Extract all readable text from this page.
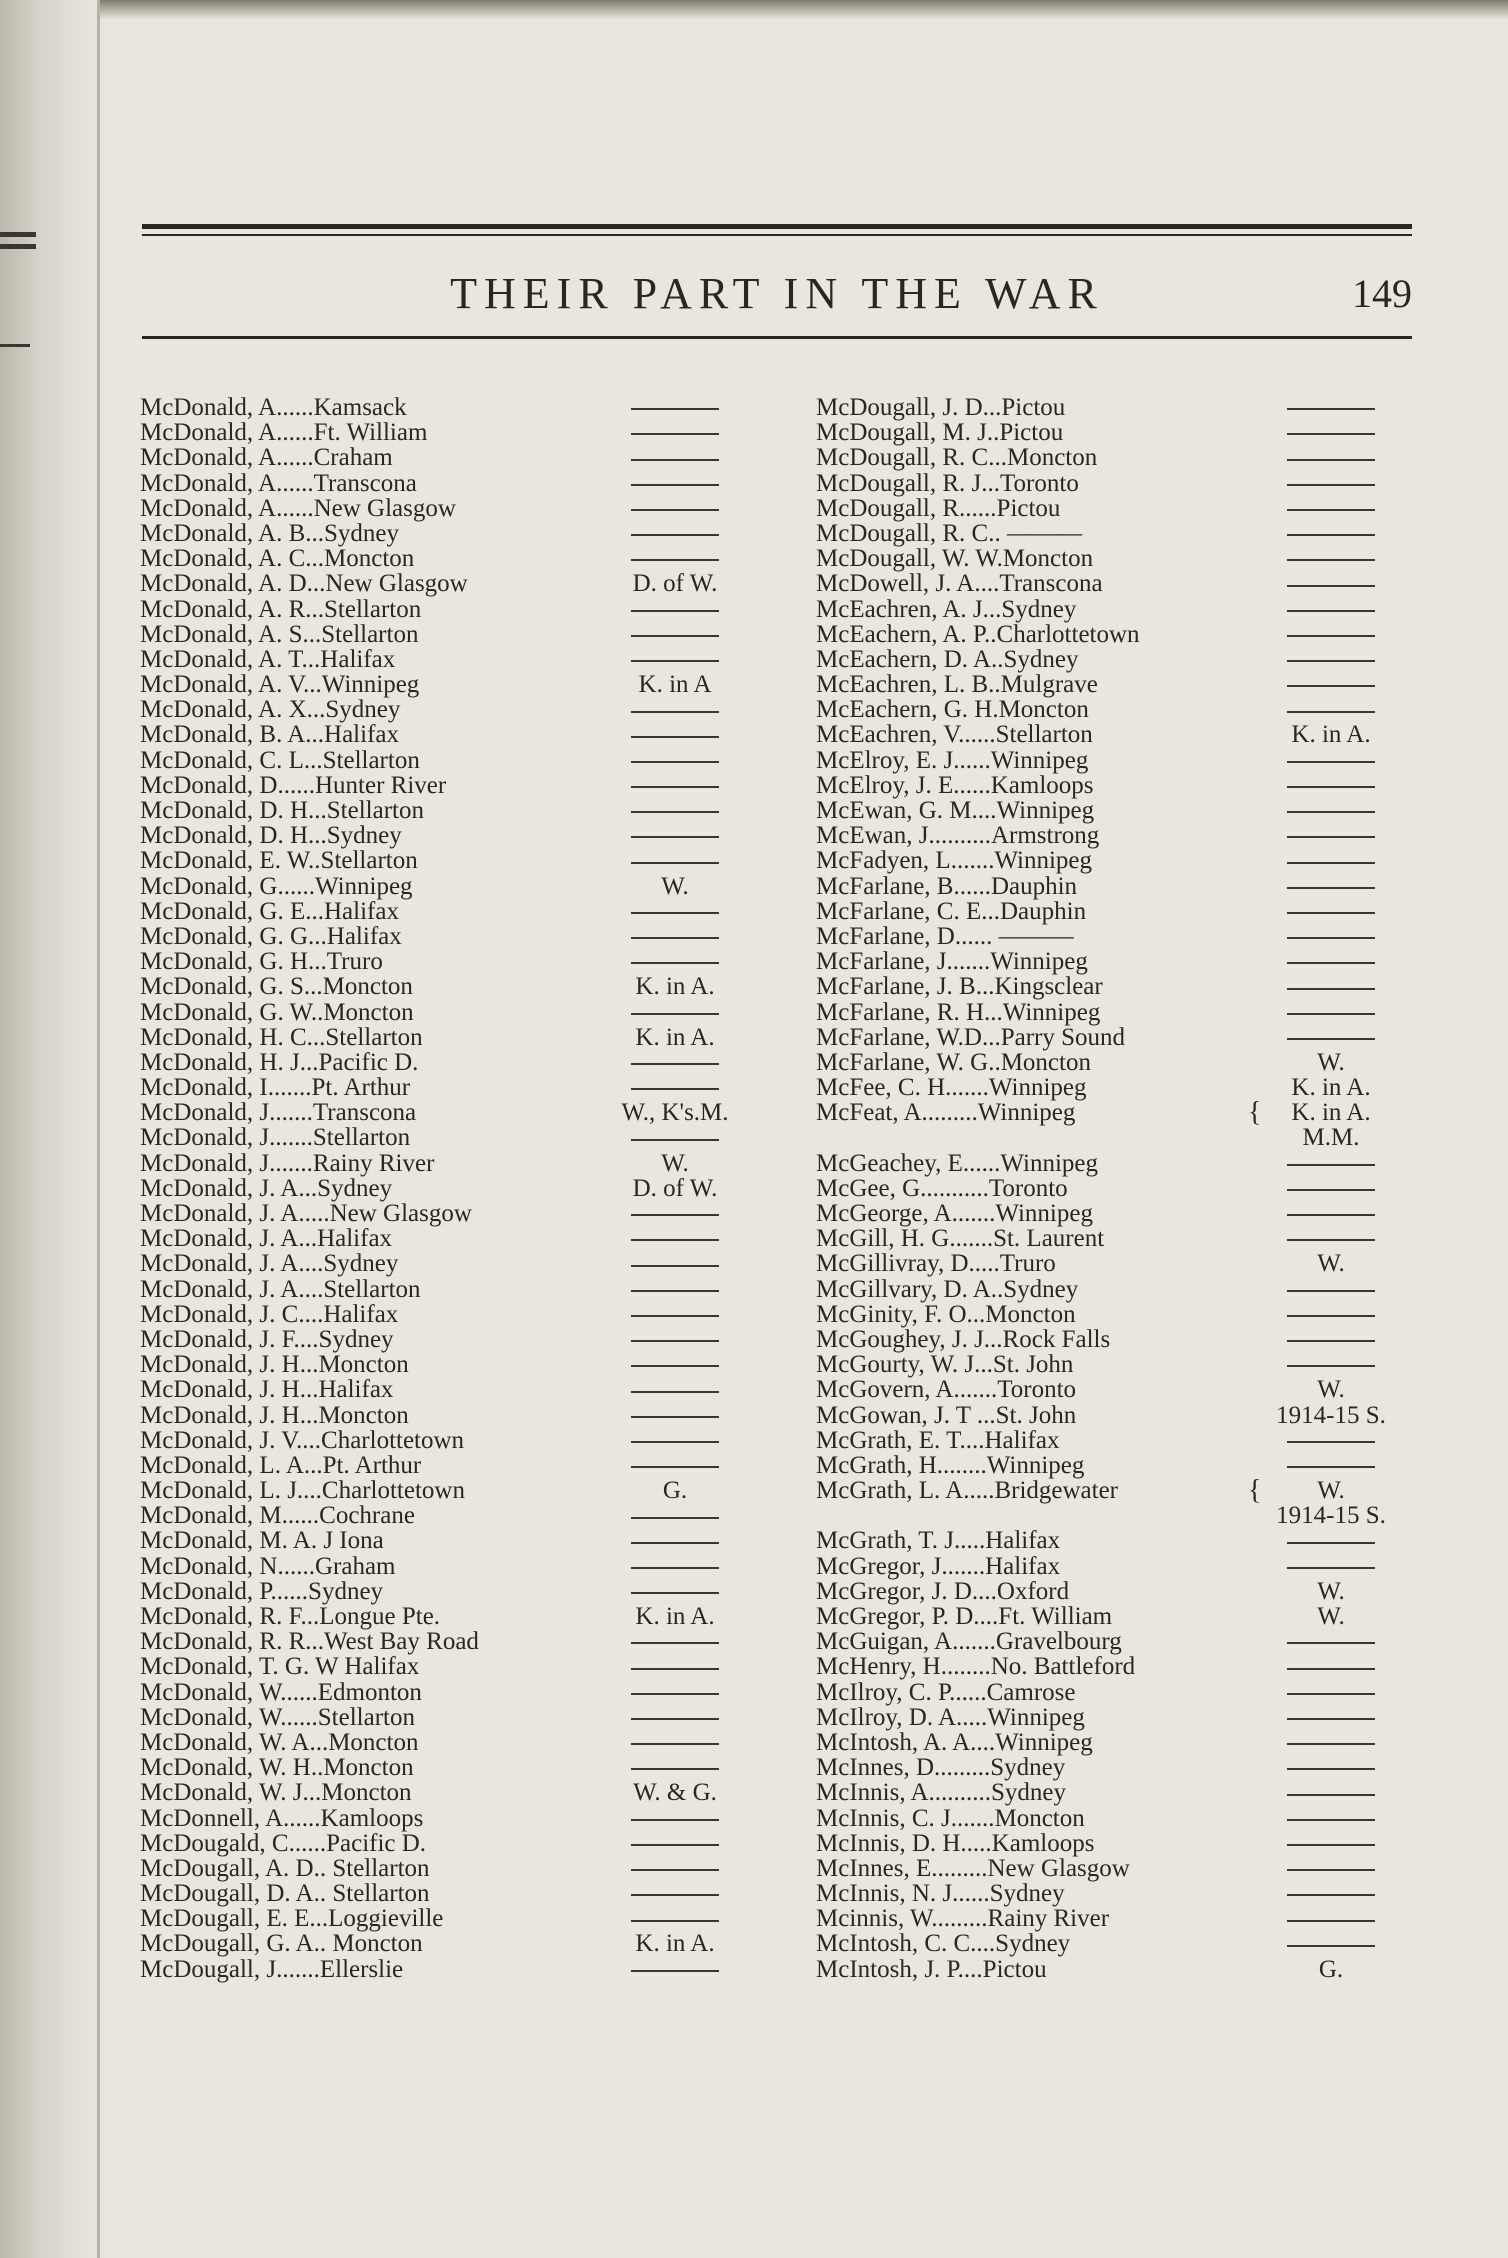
THEIR PART IN THE WAR	149
McDonald, A......Kamsack
McDonald, A......Ft. William
McDonald, A......Craham
McDonald, A......Transcona
McDonald, A......New Glasgow
McDonald, A. B...Sydney
McDonald, A. C...Moncton
McDonald, A. D...New Glasgow	D. of W.
McDonald, A. R...Stellarton
McDonald, A. S...Stellarton
McDonald, A. T...Halifax
McDonald, A. V...Winnipeg	K. in A
McDonald, A. X...Sydney
McDonald, B. A...Halifax
McDonald, C. L...Stellarton
McDonald, D......Hunter River
McDonald, D. H...Stellarton
McDonald, D. H...Sydney
McDonald, E. W..Stellarton
McDonald, G......Winnipeg	W.
McDonald, G. E...Halifax
McDonald, G. G...Halifax
McDonald, G. H...Truro
McDonald, G. S...Moncton	K. in A.
McDonald, G. W..Moncton
McDonald, H. C...Stellarton	K. in A.
McDonald, H. J...Pacific D.
McDonald, I.......Pt. Arthur
McDonald, J.......Transcona	W., K's.M.
McDonald, J.......Stellarton
McDonald, J.......Rainy River	W.
McDonald, J. A...Sydney	D. of W.
McDonald, J. A.....New Glasgow
McDonald, J. A...Halifax
McDonald, J. A....Sydney
McDonald, J. A....Stellarton
McDonald, J. C....Halifax
McDonald, J. F....Sydney
McDonald, J. H...Moncton
McDonald, J. H...Halifax
McDonald, J. H...Moncton
McDonald, J. V....Charlottetown
McDonald, L. A...Pt. Arthur
McDonald, L. J....Charlottetown	G.
McDonald, M......Cochrane
McDonald, M. A. J Iona
McDonald, N......Graham
McDonald, P......Sydney
McDonald, R. F...Longue Pte.	K. in A.
McDonald, R. R...West Bay Road
McDonald, T. G. W Halifax
McDonald, W......Edmonton
McDonald, W......Stellarton
McDonald, W. A...Moncton
McDonald, W. H..Moncton
McDonald, W. J...Moncton	W. & G.
McDonnell, A......Kamloops
McDougald, C......Pacific D.
McDougall, A. D.. Stellarton
McDougall, D. A.. Stellarton
McDougall, E. E...Loggieville
McDougall, G. A.. Moncton	K. in A.
McDougall, J.......Ellerslie
McDougall, J. D...Pictou
McDougall, M. J..Pictou
McDougall, R. C...Moncton
McDougall, R. J...Toronto
McDougall, R......Pictou
McDougall, R. C.. ———
McDougall, W. W.Moncton
McDowell, J. A....Transcona
McEachren, A. J...Sydney
McEachern, A. P..Charlottetown
McEachern, D. A..Sydney
McEachren, L. B..Mulgrave
McEachern, G. H.Moncton
McEachren, V......Stellarton	K. in A.
McElroy, E. J......Winnipeg
McElroy, J. E......Kamloops
McEwan, G. M....Winnipeg
McEwan, J..........Armstrong
McFadyen, L.......Winnipeg
McFarlane, B......Dauphin
McFarlane, C. E...Dauphin
McFarlane, D...... ———
McFarlane, J.......Winnipeg
McFarlane, J. B...Kingsclear
McFarlane, R. H...Winnipeg
McFarlane, W.D...Parry Sound
McFarlane, W. G..Moncton	W.
McFee, C. H.......Winnipeg	K. in A.
McFeat, A.........Winnipeg	{	K. in A.
M.M.
McGeachey, E......Winnipeg
McGee, G...........Toronto
McGeorge, A.......Winnipeg
McGill, H. G.......St. Laurent
McGillivray, D.....Truro	W.
McGillvary, D. A..Sydney
McGinity, F. O...Moncton
McGoughey, J. J...Rock Falls
McGourty, W. J...St. John
McGovern, A.......Toronto	W.
McGowan, J. T ...St. John	1914-15 S.
McGrath, E. T....Halifax
McGrath, H........Winnipeg
McGrath, L. A.....Bridgewater	{	W.
1914-15 S.
McGrath, T. J.....Halifax
McGregor, J.......Halifax
McGregor, J. D....Oxford	W.
McGregor, P. D....Ft. William	W.
McGuigan, A.......Gravelbourg
McHenry, H........No. Battleford
McIlroy, C. P......Camrose
McIlroy, D. A.....Winnipeg
McIntosh, A. A....Winnipeg
McInnes, D.........Sydney
McInnis, A..........Sydney
McInnis, C. J.......Moncton
McInnis, D. H.....Kamloops
McInnes, E.........New Glasgow
McInnis, N. J......Sydney
Mcinnis, W.........Rainy River
McIntosh, C. C....Sydney
McIntosh, J. P....Pictou	G.
